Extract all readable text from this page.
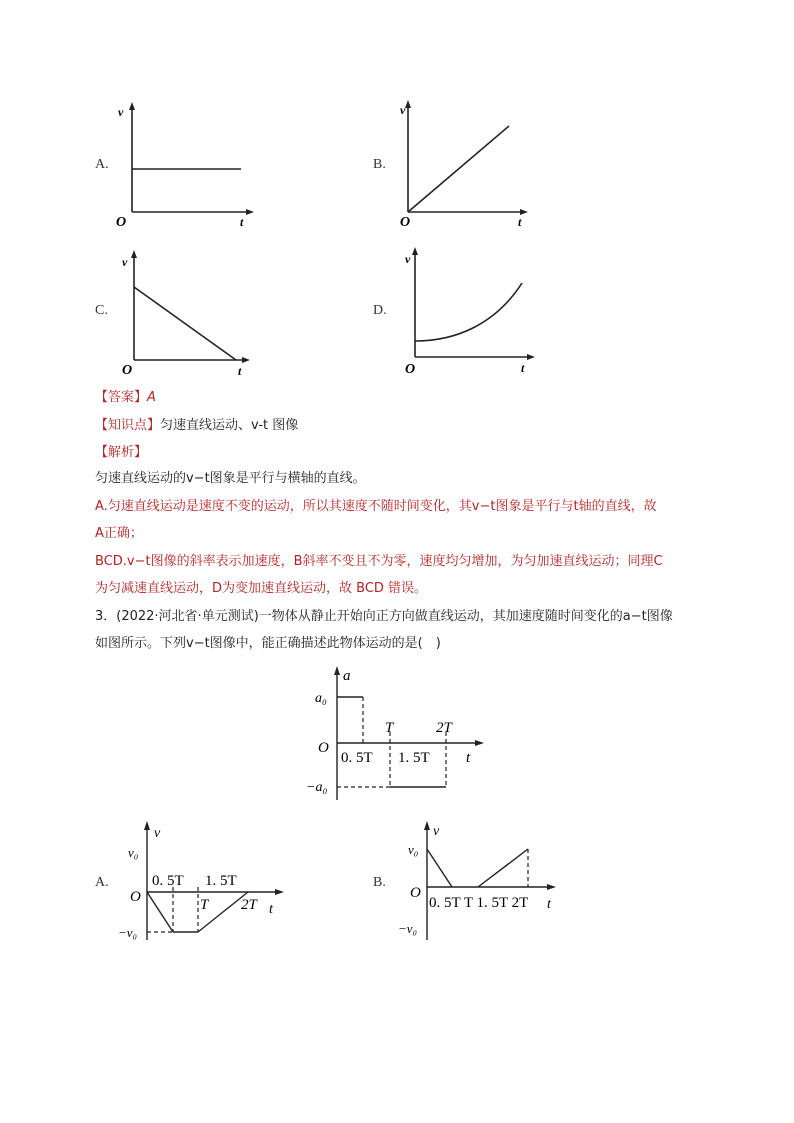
A.	B.
C.	D.
v
O	t
v
O	t
v
O	t
v
O	t
【答案】A
【知识点】匀速直线运动、v-t 图像
【解析】
匀速直线运动的v−t图象是平行与横轴的直线。
A.匀速直线运动是速度不变的运动，所以其速度不随时间变化，其v−t图象是平行与t轴的直线，故
A正确；
BCD.v−t图像的斜率表示加速度，B斜率不变且不为零，速度均匀增加，为匀加速直线运动；同理C
为匀减速直线运动，D为变加速直线运动，故 BCD 错误。
3．(2022·河北省·单元测试)一物体从静止开始向正方向做直线运动，其加速度随时间变化的a−t图像
如图所示。下列v−t图像中，能正确描述此物体运动的是(　)
a
a₀
−a₀
O
T	2T
0. 5T 1. 5T t
A.	B.
v
v₀
−v₀
O
0. 5T 1. 5T
T 2T t
v
v₀
−v₀
O
0. 5T T 1. 5T 2T t
